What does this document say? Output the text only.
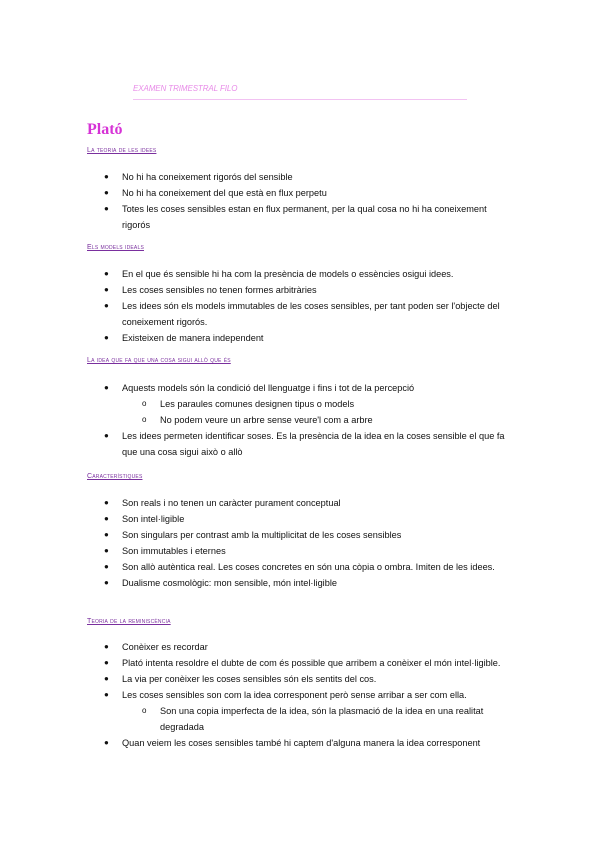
EXAMEN TRIMESTRAL FILO
Plató
La teoria de les idees
● No hi ha coneixement rigorós del sensible
● No hi ha coneixement del que està en flux perpetu
● Totes les coses sensibles estan en flux permanent, per la qual cosa no hi ha coneixement rigorós
Els models ideals
● En el que és sensible hi ha com la presència de models o essències osigui idees.
● Les coses sensibles no tenen formes arbitràries
● Les idees són els models immutables de les coses sensibles, per tant poden ser l'objecte del coneixement rigorós.
● Existeixen de manera independent
La idea que fa que una cosa sigui allò que és
● Aquests models són la condició del llenguatge i fins i tot de la percepció
o Les paraules comunes designen tipus o models
o No podem veure un arbre sense veure'l com a arbre
● Les idees permeten identificar soses. Es la presència de la idea en la coses sensible el que fa que una cosa sigui això o allò
Característiques
● Son reals i no tenen un caràcter purament conceptual
● Son intel·ligible
● Son singulars per contrast amb la multiplicitat de les coses sensibles
● Son immutables i eternes
● Son allò autèntica real. Les coses concretes en són una còpia o ombra. Imiten de les idees.
● Dualisme cosmològic: mon sensible, món intel·ligible
Teoria de la reminiscència
● Conèixer es recordar
● Plató intenta resoldre el dubte de com és possible que arribem a conèixer el món intel·ligible.
● La via per conèixer les coses sensibles són els sentits del cos.
● Les coses sensibles son com la idea corresponent però sense arribar a ser com ella.
o Son una copia imperfecta de la idea, són la plasmació de la idea en una realitat degradada
● Quan veiem les coses sensibles també hi captem d'alguna manera la idea corresponent
